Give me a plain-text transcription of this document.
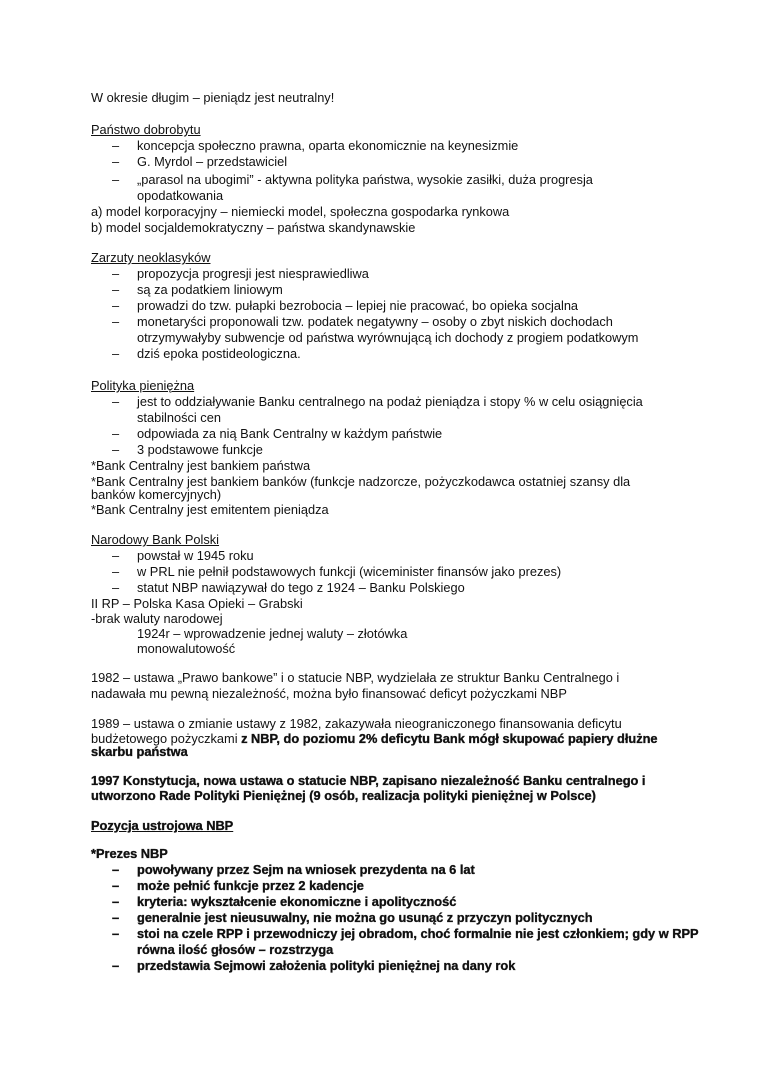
W okresie długim – pieniądz jest neutralny!
Państwo dobrobytu
– koncepcja społeczno prawna, oparta ekonomicznie na keynesizmie
– G. Myrdol – przedstawiciel
– „parasol na ubogimi” - aktywna polityka państwa, wysokie zasiłki, duża progresja
opodatkowania
a) model korporacyjny – niemiecki model, społeczna gospodarka rynkowa
b) model socjaldemokratyczny – państwa skandynawskie
Zarzuty neoklasyków
– propozycja progresji jest niesprawiedliwa
– są za podatkiem liniowym
– prowadzi do tzw. pułapki bezrobocia – lepiej nie pracować, bo opieka socjalna
– monetaryści proponowali tzw. podatek negatywny – osoby o zbyt niskich dochodach
otrzymywałyby subwencje od państwa wyrównującą ich dochody z progiem podatkowym
– dziś epoka postideologiczna.
Polityka pieniężna
– jest to oddziaływanie Banku centralnego na podaż pieniądza i stopy % w celu osiągnięcia
stabilności cen
– odpowiada za nią Bank Centralny w każdym państwie
– 3 podstawowe funkcje
*Bank Centralny jest bankiem państwa
*Bank Centralny jest bankiem banków (funkcje nadzorcze, pożyczkodawca ostatniej szansy dla
banków komercyjnych)
*Bank Centralny jest emitentem pieniądza
Narodowy Bank Polski
– powstał w 1945 roku
– w PRL nie pełnił podstawowych funkcji (wiceminister finansów jako prezes)
– statut NBP nawiązywał do tego z 1924 – Banku Polskiego
II RP – Polska Kasa Opieki – Grabski
-brak waluty narodowej
1924r – wprowadzenie jednej waluty – złotówka
monowalutowość
1982 – ustawa „Prawo bankowe” i o statucie NBP, wydzielała ze struktur Banku Centralnego i
nadawała mu pewną niezależność, można było finansować deficyt pożyczkami NBP
1989 – ustawa o zmianie ustawy z 1982, zakazywała nieograniczonego finansowania deficytu
budżetowego pożyczkami z NBP, do poziomu 2% deficytu Bank mógł skupować papiery dłużne
skarbu państwa
1997 Konstytucja, nowa ustawa o statucie NBP, zapisano niezależność Banku centralnego i
utworzono Rade Polityki Pieniężnej (9 osób, realizacja polityki pieniężnej w Polsce)
Pozycja ustrojowa NBP
*Prezes NBP
– powoływany przez Sejm na wniosek prezydenta na 6 lat
– może pełnić funkcje przez 2 kadencje
– kryteria: wykształcenie ekonomiczne i apolityczność
– generalnie jest nieusuwalny, nie można go usunąć z przyczyn politycznych
– stoi na czele RPP i przewodniczy jej obradom, choć formalnie nie jest członkiem; gdy w RPP
równa ilość głosów – rozstrzyga
– przedstawia Sejmowi założenia polityki pieniężnej na dany rok
